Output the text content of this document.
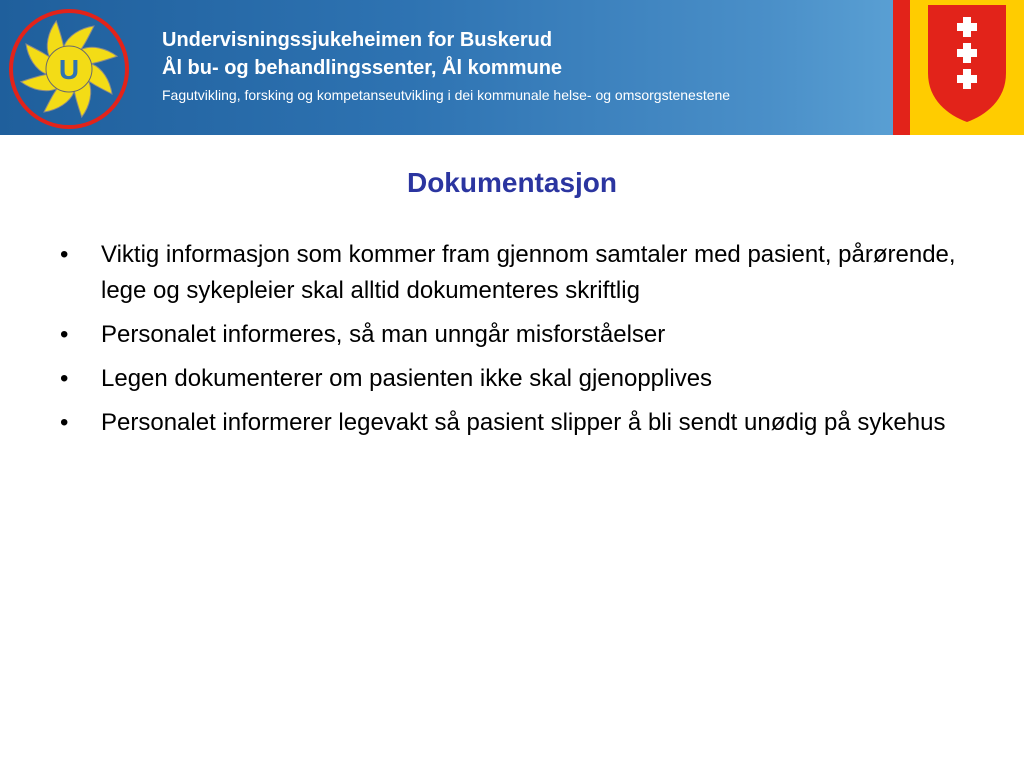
U
Undervisningssjukeheimen for Buskerud
Ål bu- og behandlingssenter, Ål kommune
Fagutvikling, forsking og kompetanseutvikling i dei kommunale helse- og omsorgstenestene
Dokumentasjon
• Viktig informasjon som kommer fram gjennom samtaler med pasient, pårørende, lege og sykepleier skal alltid dokumenteres skriftlig
• Personalet informeres, så man unngår misforståelser
• Legen dokumenterer om pasienten ikke skal gjenopplives
• Personalet informerer legevakt så pasient slipper å bli sendt unødig på sykehus
